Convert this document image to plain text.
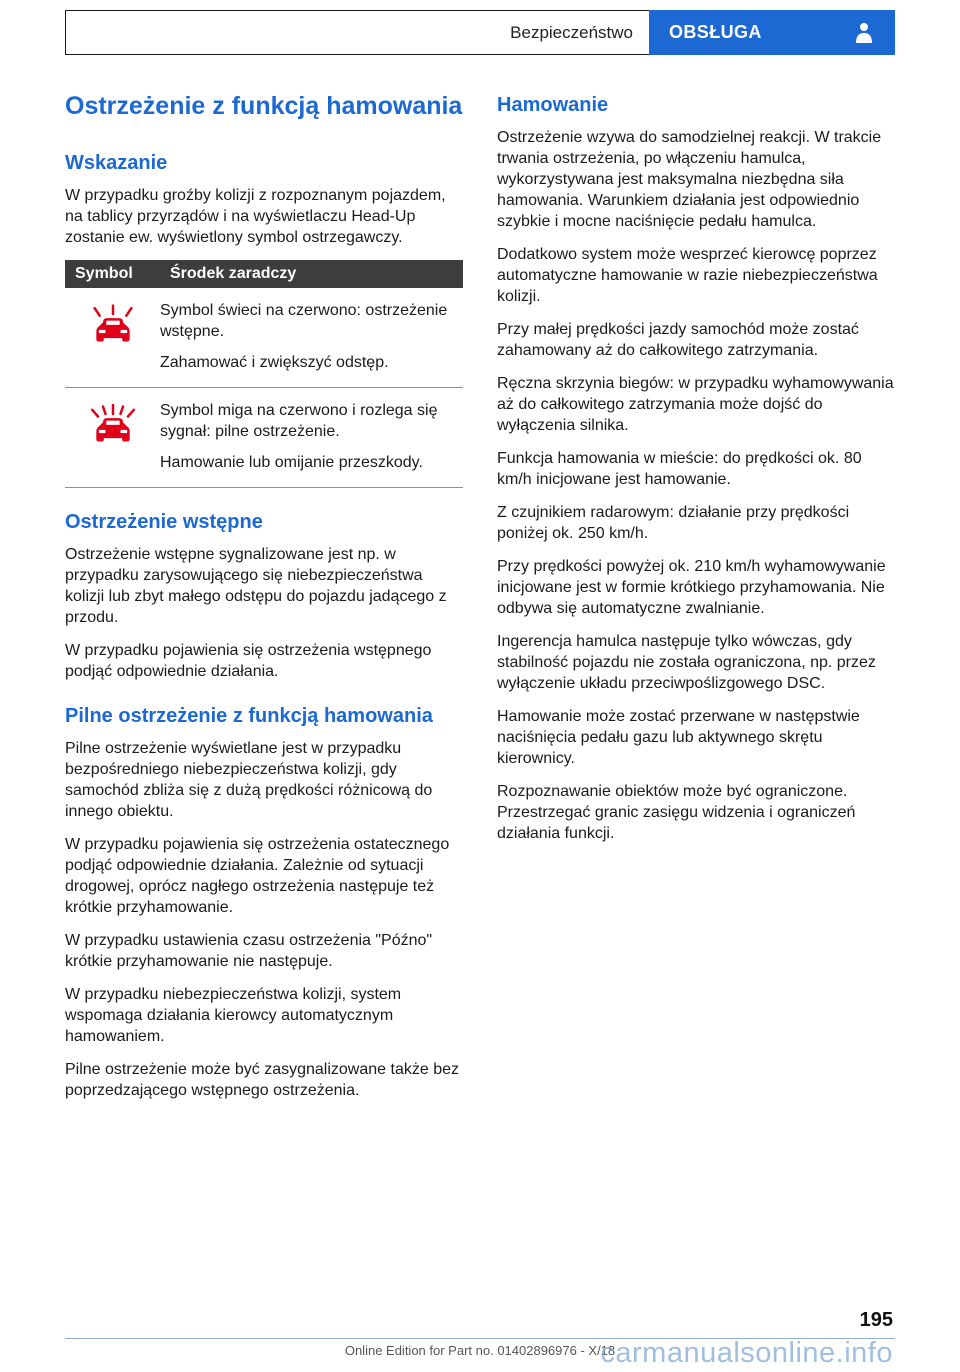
Bezpieczeństwo OBSŁUGA
Ostrzeżenie z funkcją hamowania
Wskazanie

W przypadku groźby kolizji z rozpoznanym pojazdem, na tablicy przyrządów i na wyświetlaczu Head-Up zostanie ew. wyświetlony symbol ostrzegawczy.

Symbol	Środek zaradczy

Symbol świeci na czerwono: ostrzeżenie wstępne.

Zahamować i zwiększyć odstęp.

Symbol miga na czerwono i rozlega się sygnał: pilne ostrzeżenie.

Hamowanie lub omijanie przeszkody.

Ostrzeżenie wstępne

Ostrzeżenie wstępne sygnalizowane jest np. w przypadku zarysowującego się niebezpieczeństwa kolizji lub zbyt małego odstępu do pojazdu jadącego z przodu.

W przypadku pojawienia się ostrzeżenia wstępnego podjąć odpowiednie działania.

Pilne ostrzeżenie z funkcją hamowania

Pilne ostrzeżenie wyświetlane jest w przypadku bezpośredniego niebezpieczeństwa kolizji, gdy samochód zbliża się z dużą prędkości różnicową do innego obiektu.

W przypadku pojawienia się ostrzeżenia ostatecznego podjąć odpowiednie działania. Zależnie od sytuacji drogowej, oprócz nagłego ostrzeżenia następuje też krótkie przyhamowanie.

W przypadku ustawienia czasu ostrzeżenia "Późno" krótkie przyhamowanie nie następuje.

W przypadku niebezpieczeństwa kolizji, system wspomaga działania kierowcy automatycznym hamowaniem.

Pilne ostrzeżenie może być zasygnalizowane także bez poprzedzającego wstępnego ostrzeżenia.

Hamowanie

Ostrzeżenie wzywa do samodzielnej reakcji. W trakcie trwania ostrzeżenia, po włączeniu hamulca, wykorzystywana jest maksymalna niezbędna siła hamowania. Warunkiem działania jest odpowiednio szybkie i mocne naciśnięcie pedału hamulca.

Dodatkowo system może wesprzeć kierowcę poprzez automatyczne hamowanie w razie niebezpieczeństwa kolizji.

Przy małej prędkości jazdy samochód może zostać zahamowany aż do całkowitego zatrzymania.

Ręczna skrzynia biegów: w przypadku wyhamowywania aż do całkowitego zatrzymania może dojść do wyłączenia silnika.

Funkcja hamowania w mieście: do prędkości ok. 80 km/h inicjowane jest hamowanie.

Z czujnikiem radarowym: działanie przy prędkości poniżej ok. 250 km/h.

Przy prędkości powyżej ok. 210 km/h wyhamowywanie inicjowane jest w formie krótkiego przyhamowania. Nie odbywa się automatyczne zwalnianie.

Ingerencja hamulca następuje tylko wówczas, gdy stabilność pojazdu nie została ograniczona, np. przez wyłączenie układu przeciwpoślizgowego DSC.

Hamowanie może zostać przerwane w następstwie naciśnięcia pedału gazu lub aktywnego skrętu kierownicy.

Rozpoznawanie obiektów może być ograniczone. Przestrzegać granic zasięgu widzenia i ograniczeń działania funkcji.

195
Online Edition for Part no. 01402896976 - X/18
carmanualsonline.info
